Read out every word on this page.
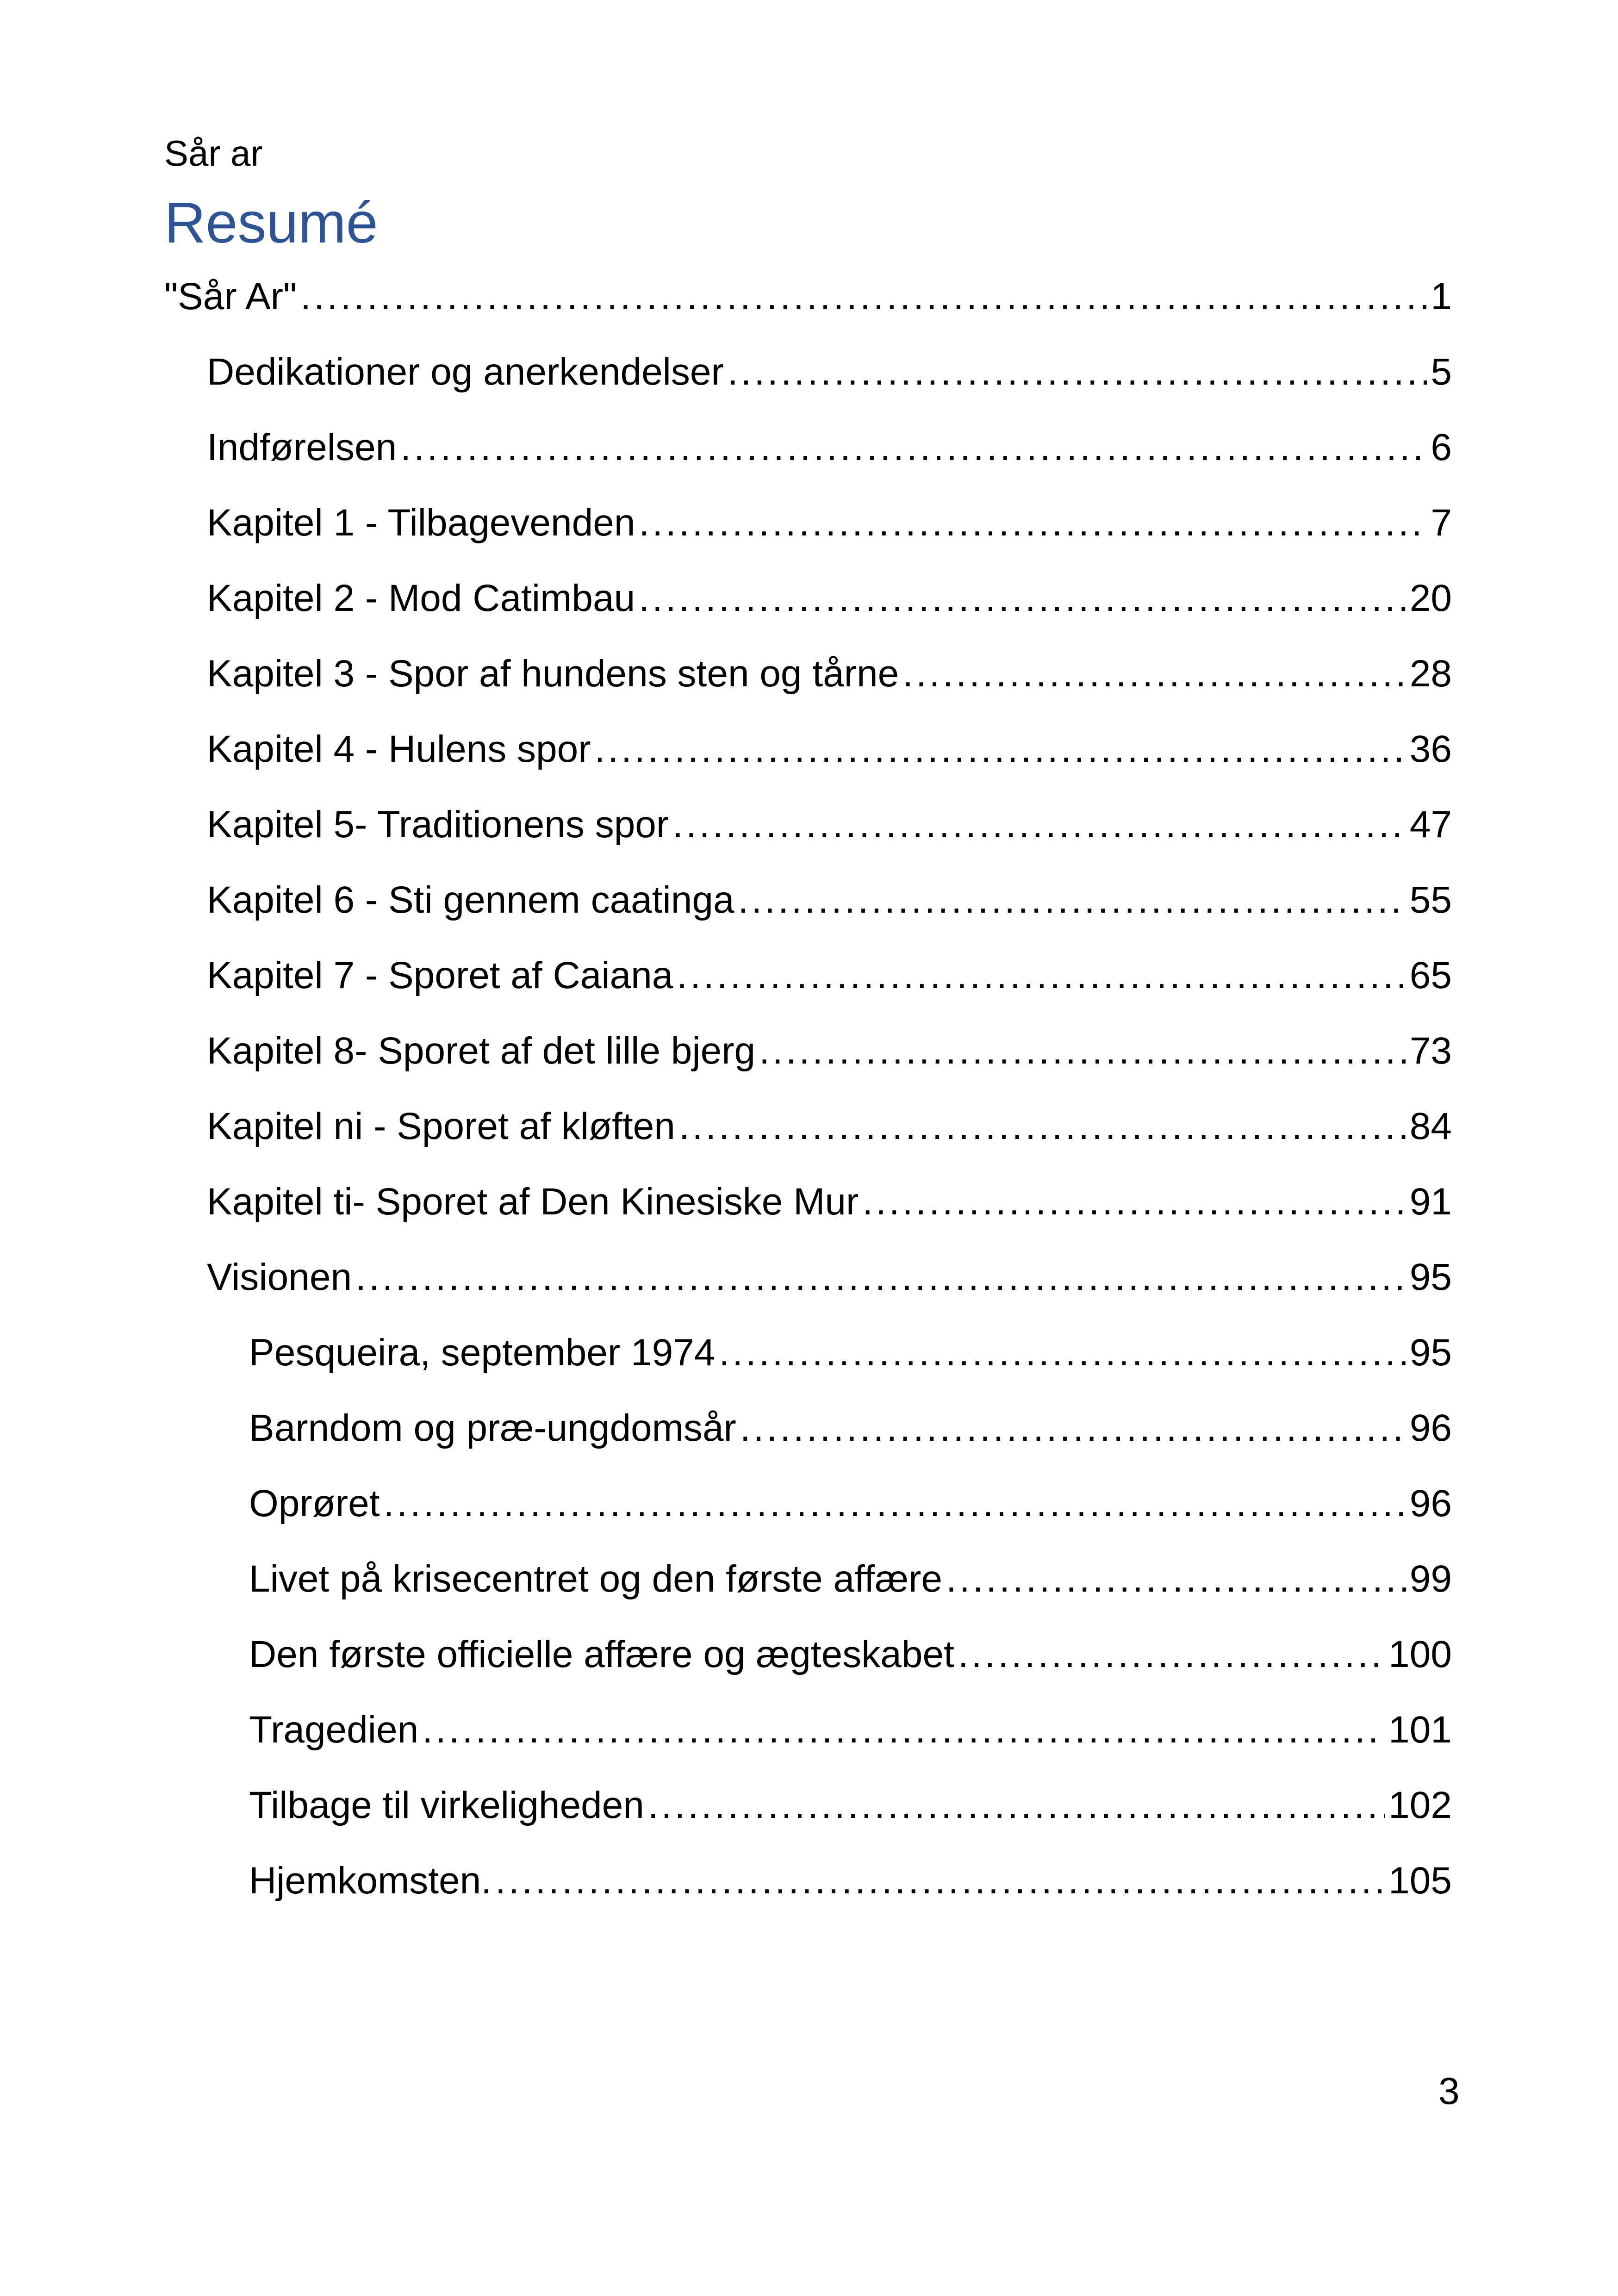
Sår ar
Resumé
"Sår Ar" .....	1
Dedikationer og anerkendelser .....	5
Indførelsen .....	6
Kapitel 1 - Tilbagevenden .....	7
Kapitel 2 - Mod Catimbau .....	20
Kapitel 3 - Spor af hundens sten og tårne .....	28
Kapitel 4 - Hulens spor .....	36
Kapitel 5- Traditionens spor .....	47
Kapitel 6 - Sti gennem caatinga .....	55
Kapitel 7 - Sporet af Caiana .....	65
Kapitel 8- Sporet af det lille bjerg .....	73
Kapitel ni - Sporet af kløften .....	84
Kapitel ti- Sporet af Den Kinesiske Mur .....	91
Visionen .....	95
Pesqueira, september 1974 .....	95
Barndom og præ-ungdomsår .....	96
Oprøret .....	96
Livet på krisecentret og den første affære .....	99
Den første officielle affære og ægteskabet .....	100
Tragedien .....	101
Tilbage til virkeligheden .....	102
Hjemkomsten. .....	105
3
